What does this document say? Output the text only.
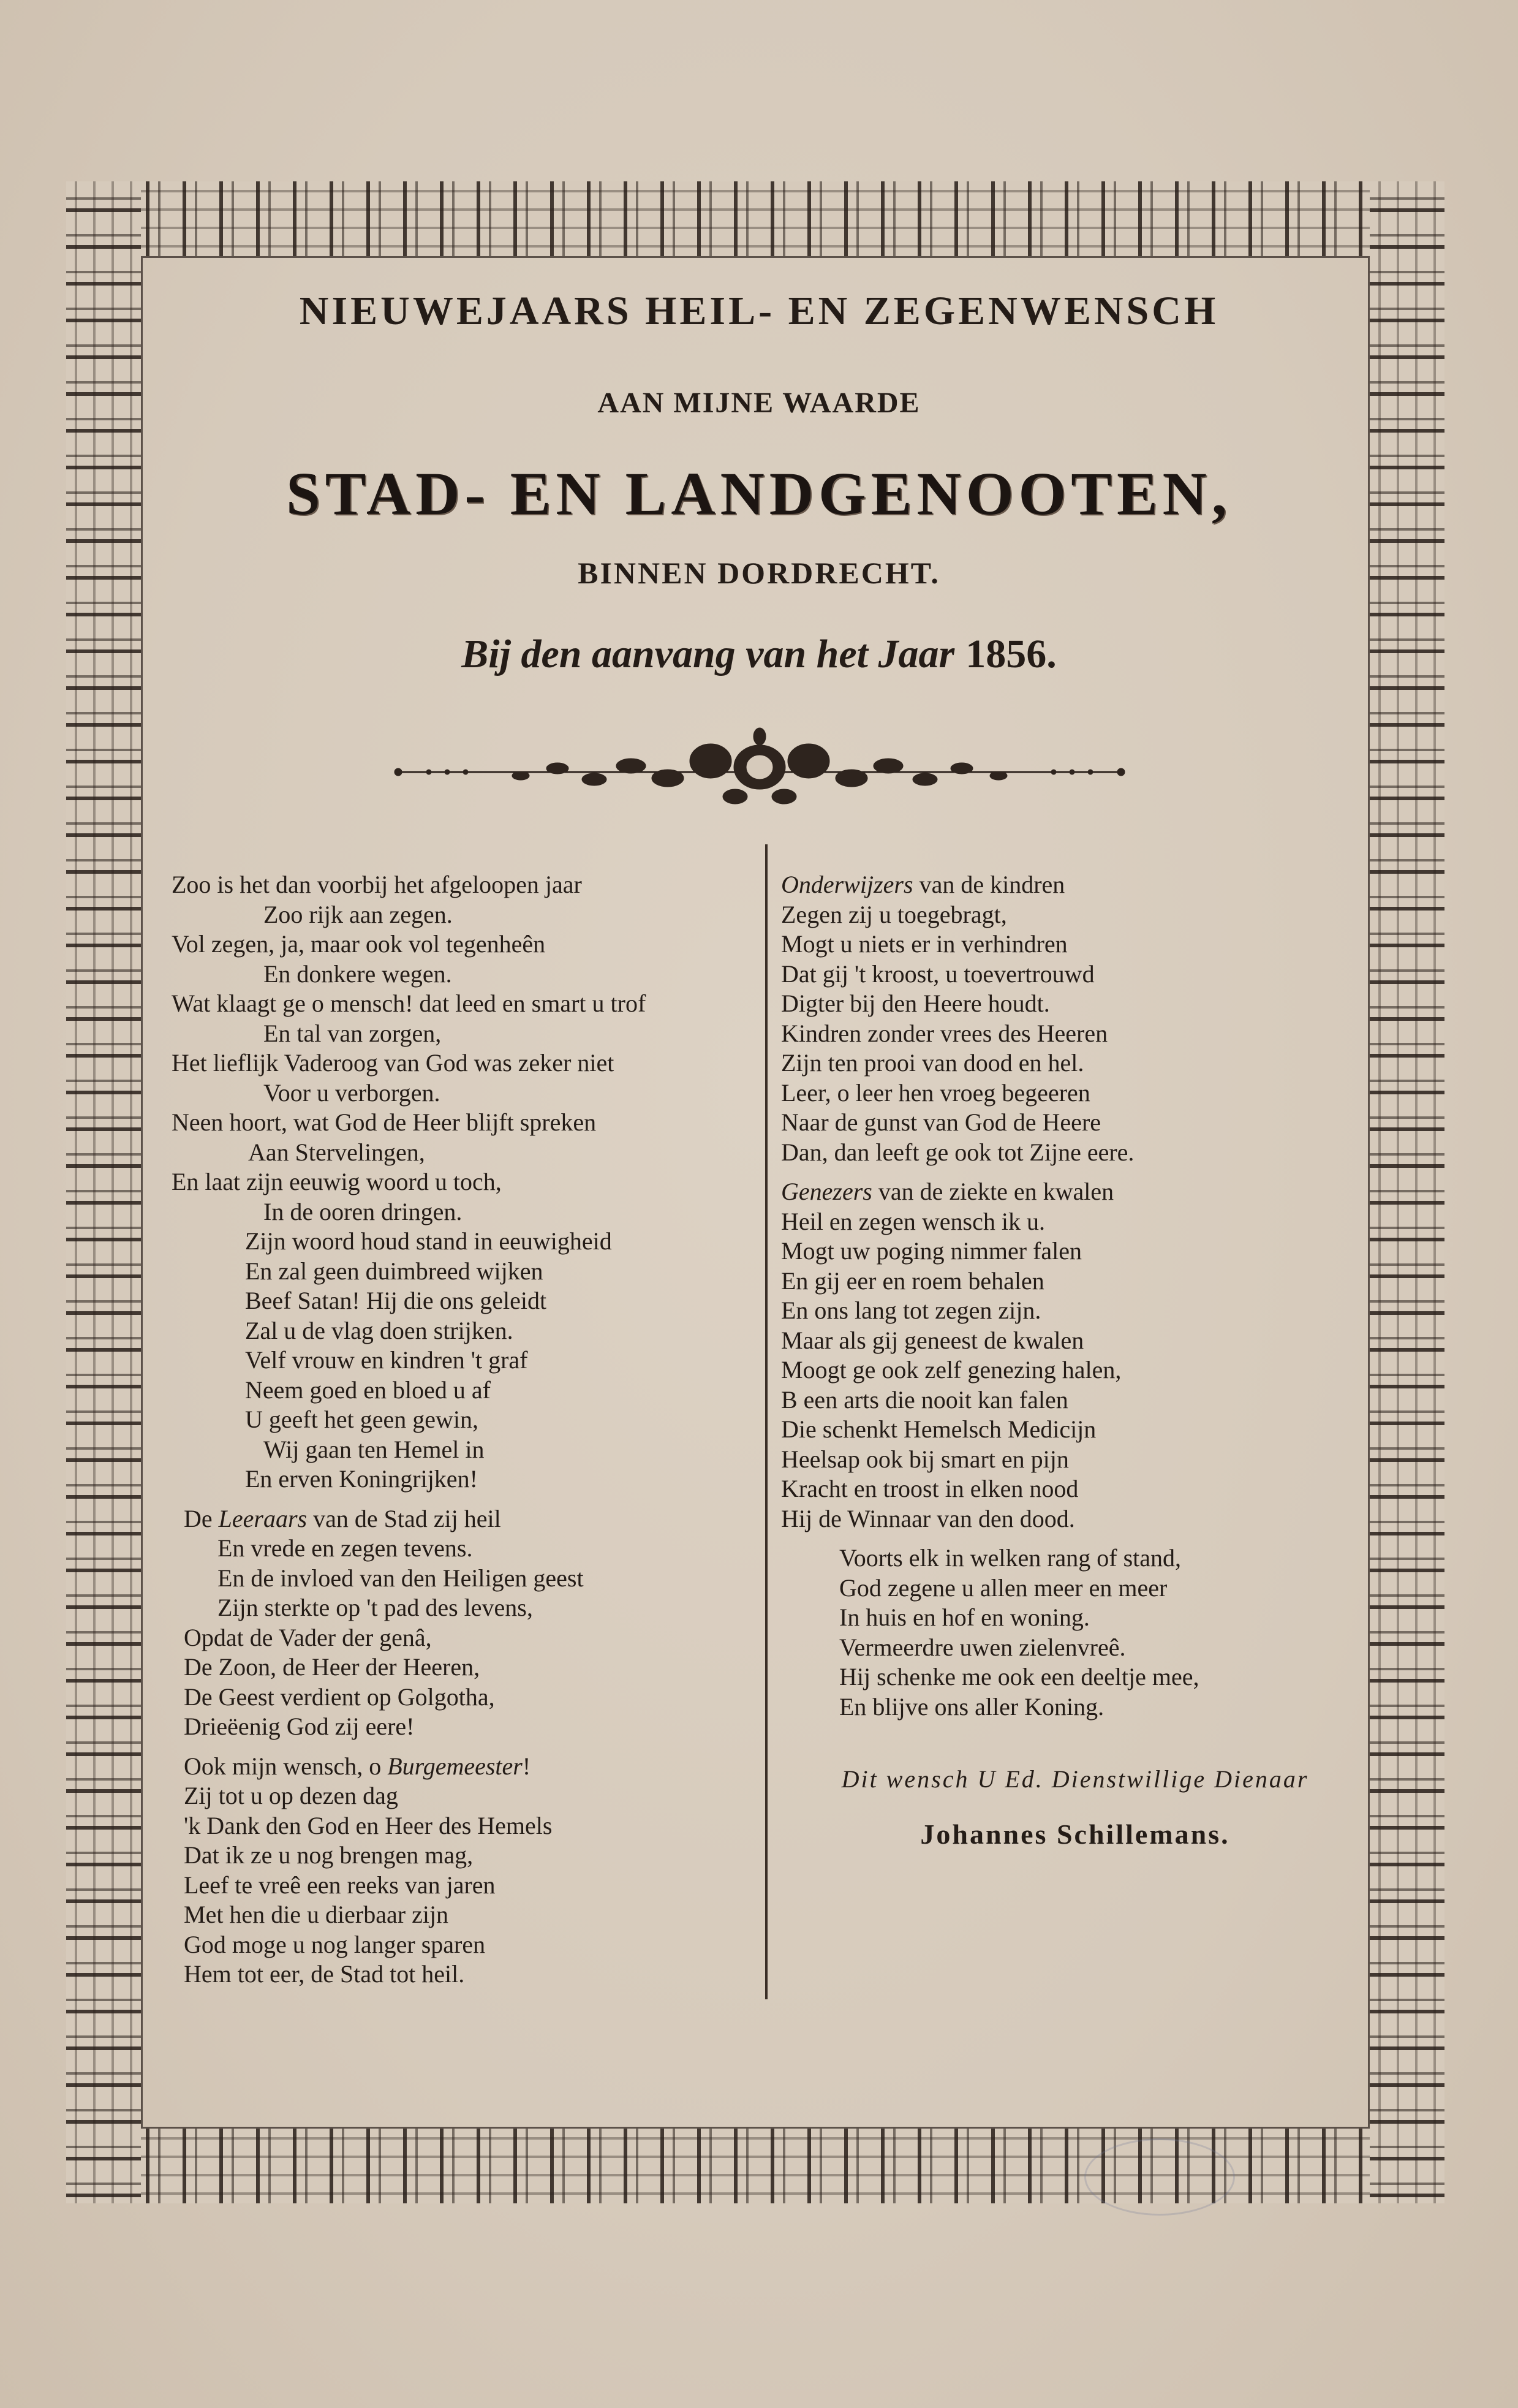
NIEUWEJAARS HEIL- EN ZEGENWENSCH
AAN MIJNE WAARDE
STAD- EN LANDGENOOTEN,
BINNEN DORDRECHT.
Bij den aanvang van het Jaar 1856.
Zoo is het dan voorbij het afgeloopen jaar
Zoo rijk aan zegen.
Vol zegen, ja, maar ook vol tegenheên
En donkere wegen.
Wat klaagt ge o mensch! dat leed en smart u trof
En tal van zorgen,
Het lieflijk Vaderoog van God was zeker niet
Voor u verborgen.
Neen hoort, wat God de Heer blijft spreken
Aan Stervelingen,
En laat zijn eeuwig woord u toch,
In de ooren dringen.
Zijn woord houd stand in eeuwigheid
En zal geen duimbreed wijken
Beef Satan! Hij die ons geleidt
Zal u de vlag doen strijken.
Velf vrouw en kindren 't graf
Neem goed en bloed u af
U geeft het geen gewin,
Wij gaan ten Hemel in
En erven Koningrijken!
De Leeraars van de Stad zij heil
En vrede en zegen tevens.
En de invloed van den Heiligen geest
Zijn sterkte op 't pad des levens,
Opdat de Vader der genâ,
De Zoon, de Heer der Heeren,
De Geest verdient op Golgotha,
Drieëenig God zij eere!
Ook mijn wensch, o Burgemeester!
Zij tot u op dezen dag
'k Dank den God en Heer des Hemels
Dat ik ze u nog brengen mag,
Leef te vreê een reeks van jaren
Met hen die u dierbaar zijn
God moge u nog langer sparen
Hem tot eer, de Stad tot heil.
Onderwijzers van de kindren
Zegen zij u toegebragt,
Mogt u niets er in verhindren
Dat gij 't kroost, u toevertrouwd
Digter bij den Heere houdt.
Kindren zonder vrees des Heeren
Zijn ten prooi van dood en hel.
Leer, o leer hen vroeg begeeren
Naar de gunst van God de Heere
Dan, dan leeft ge ook tot Zijne eere.
Genezers van de ziekte en kwalen
Heil en zegen wensch ik u.
Mogt uw poging nimmer falen
En gij eer en roem behalen
En ons lang tot zegen zijn.
Maar als gij geneest de kwalen
Moogt ge ook zelf genezing halen,
B een arts die nooit kan falen
Die schenkt Hemelsch Medicijn
Heelsap ook bij smart en pijn
Kracht en troost in elken nood
Hij de Winnaar van den dood.
Voorts elk in welken rang of stand,
God zegene u allen meer en meer
In huis en hof en woning.
Vermeerdre uwen zielenvreê.
Hij schenke me ook een deeltje mee,
En blijve ons aller Koning.
Dit wensch U Ed. Dienstwillige Dienaar
Johannes Schillemans.
